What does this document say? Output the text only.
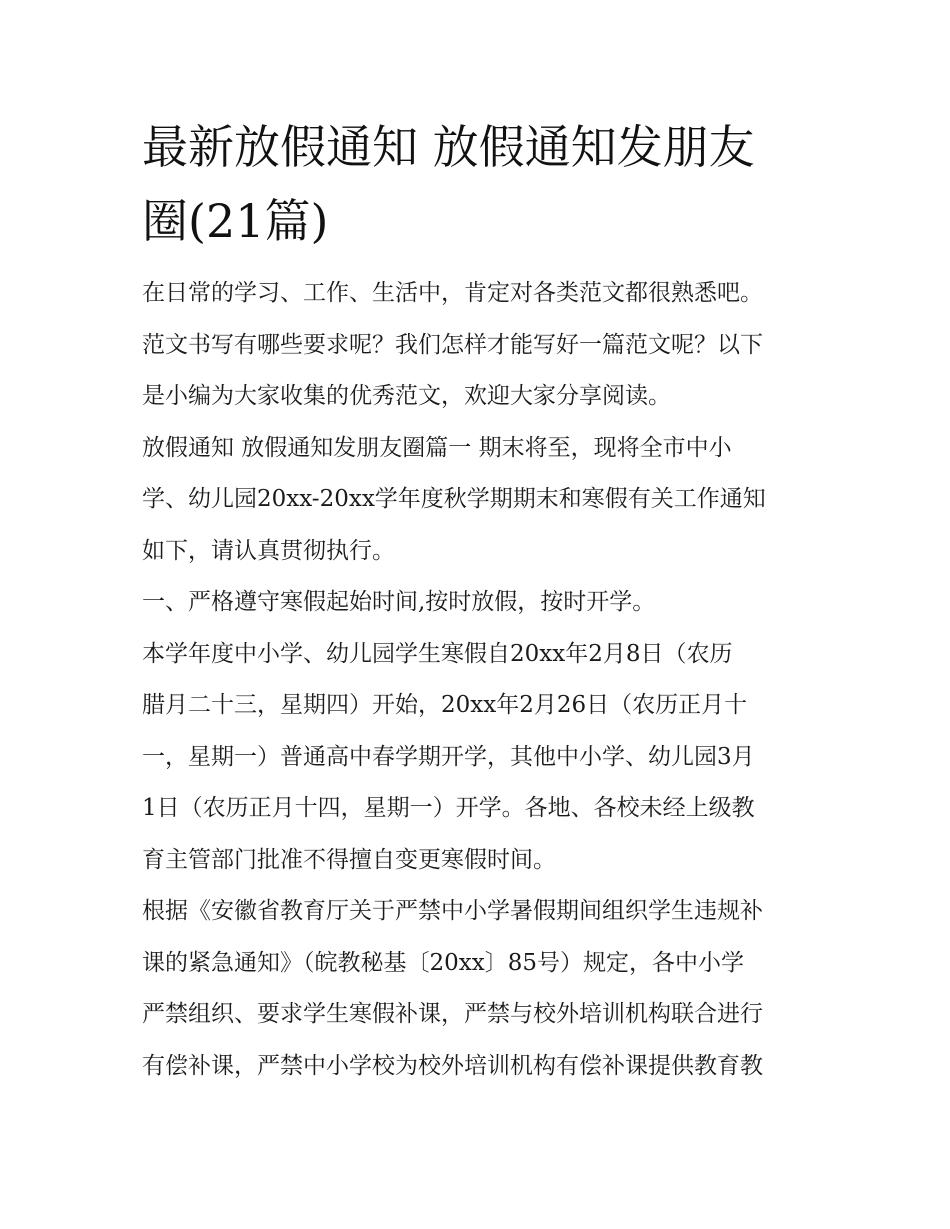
最新放假通知 放假通知发朋友
圈(21篇)
在日常的学习、工作、生活中，肯定对各类范文都很熟悉吧。
范文书写有哪些要求呢？我们怎样才能写好一篇范文呢？以下
是小编为大家收集的优秀范文，欢迎大家分享阅读。
放假通知 放假通知发朋友圈篇一 期末将至，现将全市中小
学、幼儿园20xx-20xx学年度秋学期期末和寒假有关工作通知
如下，请认真贯彻执行。
一、严格遵守寒假起始时间,按时放假，按时开学。
本学年度中小学、幼儿园学生寒假自20xx年2月8日（农历
腊月二十三，星期四）开始，20xx年2月26日（农历正月十
一，星期一）普通高中春学期开学，其他中小学、幼儿园3月
1日（农历正月十四，星期一）开学。各地、各校未经上级教
育主管部门批准不得擅自变更寒假时间。
根据《安徽省教育厅关于严禁中小学暑假期间组织学生违规补
课的紧急通知》（皖教秘基〔20xx〕85号）规定，各中小学
严禁组织、要求学生寒假补课，严禁与校外培训机构联合进行
有偿补课，严禁中小学校为校外培训机构有偿补课提供教育教
